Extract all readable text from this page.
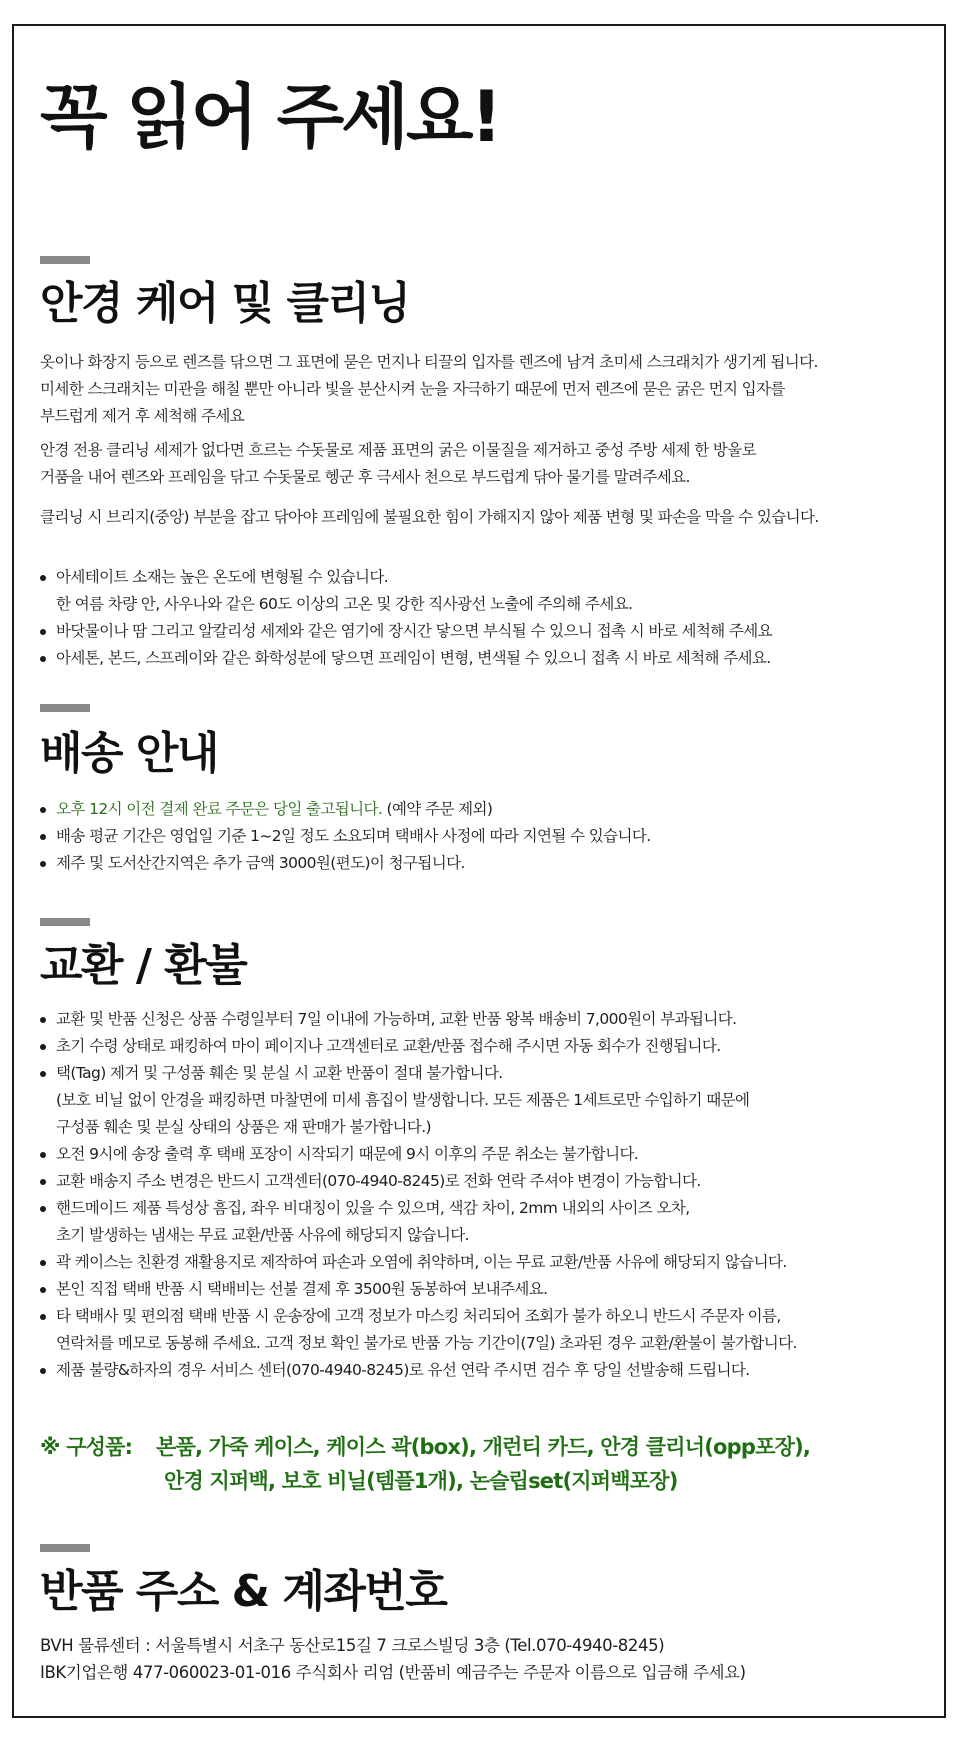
꼭 읽어 주세요!
안경 케어 및 클리닝

옷이나 화장지 등으로 렌즈를 닦으면 그 표면에 묻은 먼지나 티끌의 입자를 렌즈에 남겨 초미세 스크래치가 생기게 됩니다.
미세한 스크래치는 미관을 해칠 뿐만 아니라 빛을 분산시켜 눈을 자극하기 때문에 먼저 렌즈에 묻은 굵은 먼지 입자를
부드럽게 제거 후 세척해 주세요

안경 전용 클리닝 세제가 없다면 흐르는 수돗물로 제품 표면의 굵은 이물질을 제거하고 중성 주방 세제 한 방울로
거품을 내어 렌즈와 프레임을 닦고 수돗물로 헹군 후 극세사 천으로 부드럽게 닦아 물기를 말려주세요.

클리닝 시 브리지(중앙) 부분을 잡고 닦아야 프레임에 불필요한 힘이 가해지지 않아 제품 변형 및 파손을 막을 수 있습니다.

아세테이트 소재는 높은 온도에 변형될 수 있습니다.
한 여름 차량 안, 사우나와 같은 60도 이상의 고온 및 강한 직사광선 노출에 주의해 주세요.
바닷물이나 땀 그리고 알칼리성 세제와 같은 염기에 장시간 닿으면 부식될 수 있으니 접촉 시 바로 세척해 주세요
아세톤, 본드, 스프레이와 같은 화학성분에 닿으면 프레임이 변형, 변색될 수 있으니 접촉 시 바로 세척해 주세요.
배송 안내
오후 12시 이전 결제 완료 주문은 당일 출고됩니다. (예약 주문 제외)
배송 평균 기간은 영업일 기준 1~2일 정도 소요되며 택배사 사정에 따라 지연될 수 있습니다.
제주 및 도서산간지역은 추가 금액 3000원(편도)이 청구됩니다.
교환 / 환불
교환 및 반품 신청은 상품 수령일부터 7일 이내에 가능하며, 교환 반품 왕복 배송비 7,000원이 부과됩니다.
초기 수령 상태로 패킹하여 마이 페이지나 고객센터로 교환/반품 접수해 주시면 자동 회수가 진행됩니다.
택(Tag) 제거 및 구성품 훼손 및 분실 시 교환 반품이 절대 불가합니다.
(보호 비닐 없이 안경을 패킹하면 마찰면에 미세 흠집이 발생합니다. 모든 제품은 1세트로만 수입하기 때문에
구성품 훼손 및 분실 상태의 상품은 재 판매가 불가합니다.)
오전 9시에 송장 출력 후 택배 포장이 시작되기 때문에 9시 이후의 주문 취소는 불가합니다.
교환 배송지 주소 변경은 반드시 고객센터(070-4940-8245)로 전화 연락 주셔야 변경이 가능합니다.
핸드메이드 제품 특성상 흠집, 좌우 비대칭이 있을 수 있으며, 색감 차이, 2mm 내외의 사이즈 오차,
초기 발생하는 냄새는 무료 교환/반품 사유에 해당되지 않습니다.
곽 케이스는 친환경 재활용지로 제작하여 파손과 오염에 취약하며, 이는 무료 교환/반품 사유에 해당되지 않습니다.
본인 직접 택배 반품 시 택배비는 선불 결제 후 3500원 동봉하여 보내주세요.
타 택배사 및 편의점 택배 반품 시 운송장에 고객 정보가 마스킹 처리되어 조회가 불가 하오니 반드시 주문자 이름,
연락처를 메모로 동봉해 주세요. 고객 정보 확인 불가로 반품 가능 기간이(7일) 초과된 경우 교환/환불이 불가합니다.
제품 불량&하자의 경우 서비스 센터(070-4940-8245)로 유선 연락 주시면 검수 후 당일 선발송해 드립니다.
※ 구성품: 본품, 가죽 케이스, 케이스 곽(box), 개런티 카드, 안경 클리너(opp포장),
안경 지퍼백, 보호 비닐(템플1개), 논슬립set(지퍼백포장)
반품 주소 & 계좌번호

BVH 물류센터 : 서울특별시 서초구 동산로15길 7 크로스빌딩 3층 (Tel.070-4940-8245)
IBK기업은행 477-060023-01-016 주식회사 리엄 (반품비 예금주는 주문자 이름으로 입금해 주세요)
